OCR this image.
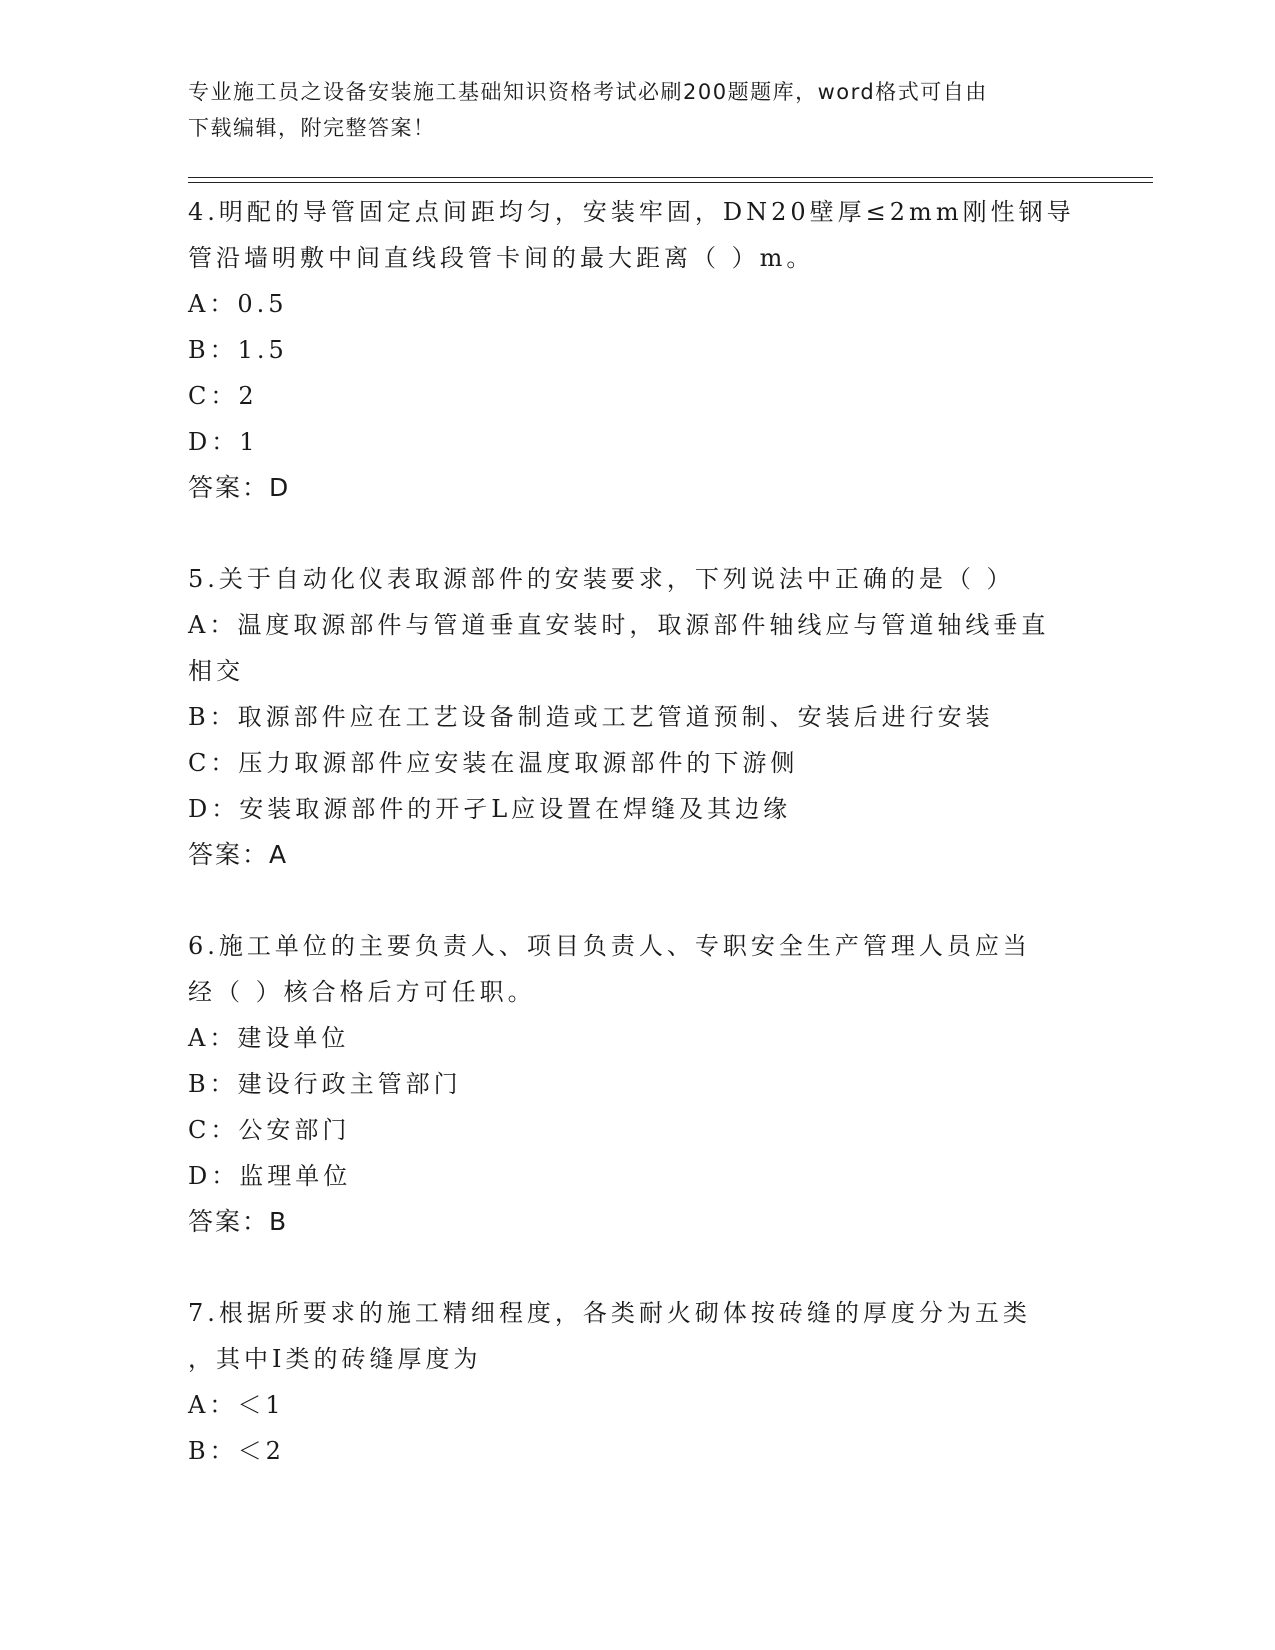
专业施工员之设备安装施工基础知识资格考试必刷200题题库，word格式可自由
下载编辑，附完整答案！
4.明配的导管固定点间距均匀，安装牢固，DN20壁厚≤2mm刚性钢导
管沿墙明敷中间直线段管卡间的最大距离（ ）m。
A：0.5
B：1.5
C：2
D：1
答案：D
5.关于自动化仪表取源部件的安装要求，下列说法中正确的是（ ）
A：温度取源部件与管道垂直安装时，取源部件轴线应与管道轴线垂直
相交
B：取源部件应在工艺设备制造或工艺管道预制、安装后进行安装
C：压力取源部件应安装在温度取源部件的下游侧
D：安装取源部件的开孑L应设置在焊缝及其边缘
答案：A
6.施工单位的主要负责人、项目负责人、专职安全生产管理人员应当
经（ ）核合格后方可任职。
A：建设单位
B：建设行政主管部门
C：公安部门
D：监理单位
答案：B
7.根据所要求的施工精细程度，各类耐火砌体按砖缝的厚度分为五类
，其中Ⅰ类的砖缝厚度为
A：＜1
B：＜2
